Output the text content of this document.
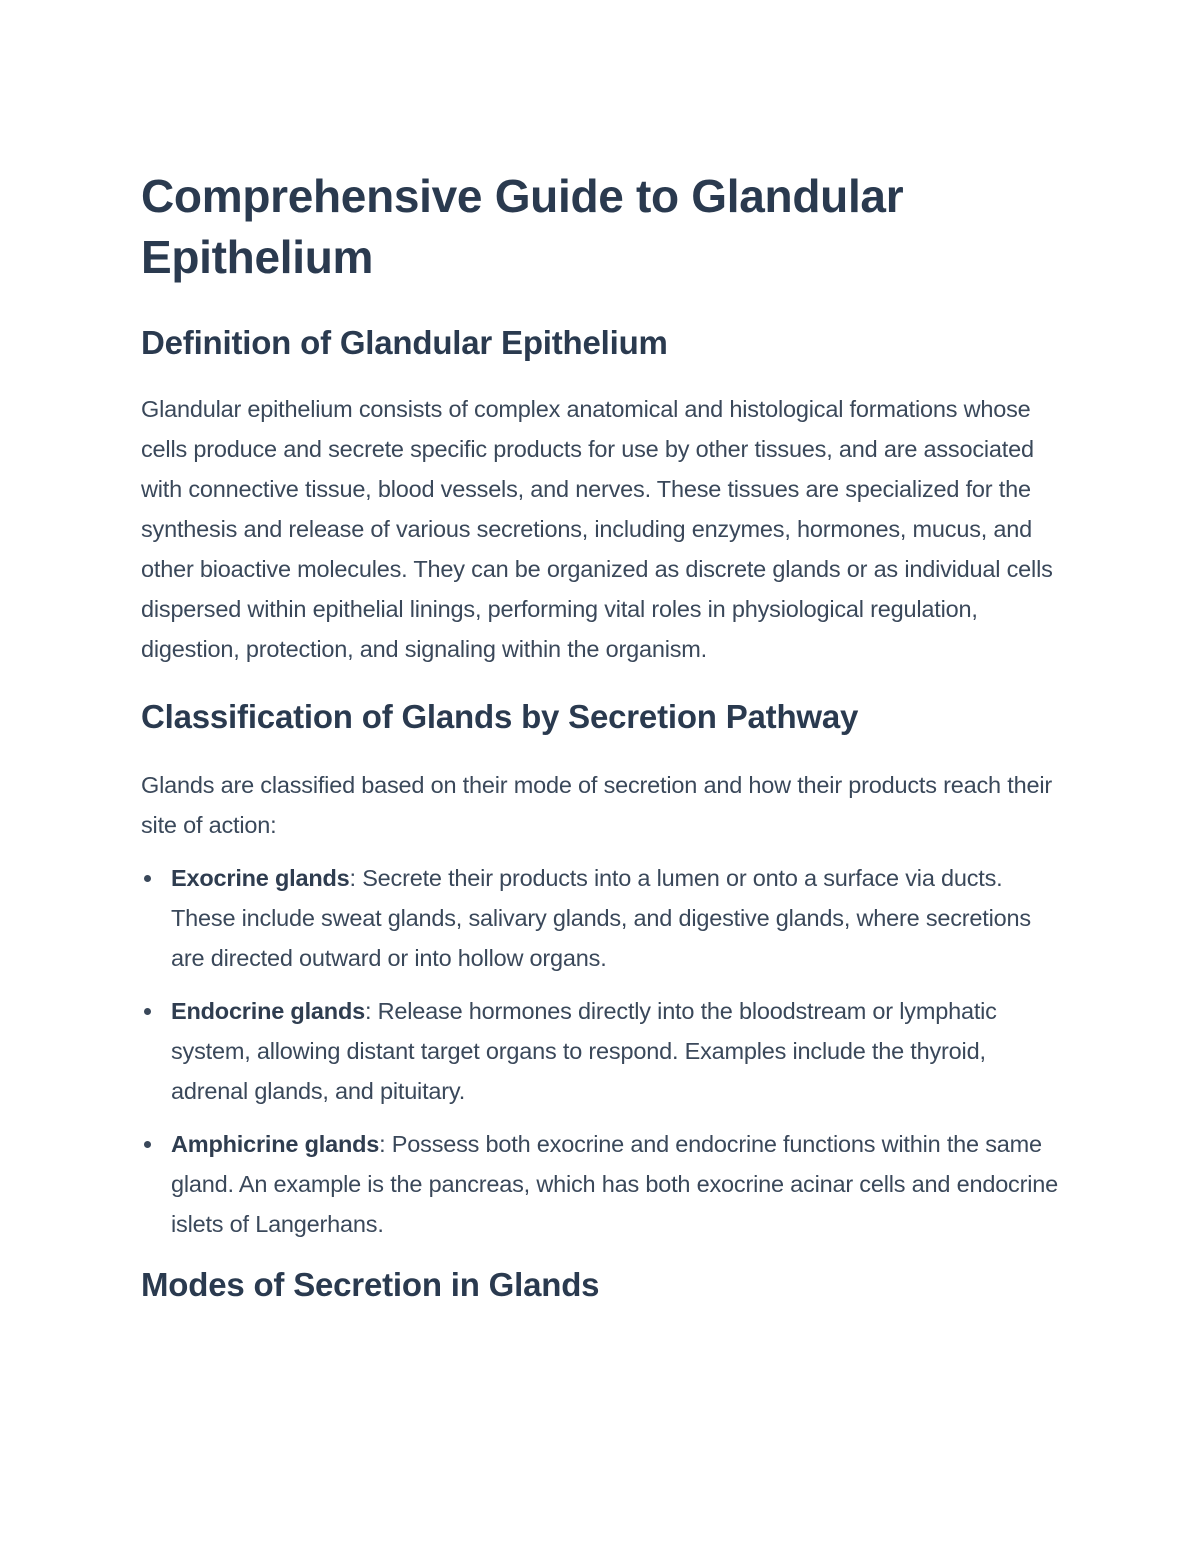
Comprehensive Guide to Glandular Epithelium
Definition of Glandular Epithelium

Glandular epithelium consists of complex anatomical and histological formations whose cells produce and secrete specific products for use by other tissues, and are associated with connective tissue, blood vessels, and nerves. These tissues are specialized for the synthesis and release of various secretions, including enzymes, hormones, mucus, and other bioactive molecules. They can be organized as discrete glands or as individual cells dispersed within epithelial linings, performing vital roles in physiological regulation, digestion, protection, and signaling within the organism.

Classification of Glands by Secretion Pathway

Glands are classified based on their mode of secretion and how their products reach their site of action:

Exocrine glands: Secrete their products into a lumen or onto a surface via ducts. These include sweat glands, salivary glands, and digestive glands, where secretions are directed outward or into hollow organs.
Endocrine glands: Release hormones directly into the bloodstream or lymphatic system, allowing distant target organs to respond. Examples include the thyroid, adrenal glands, and pituitary.
Amphicrine glands: Possess both exocrine and endocrine functions within the same gland. An example is the pancreas, which has both exocrine acinar cells and endocrine islets of Langerhans.
Modes of Secretion in Glands
